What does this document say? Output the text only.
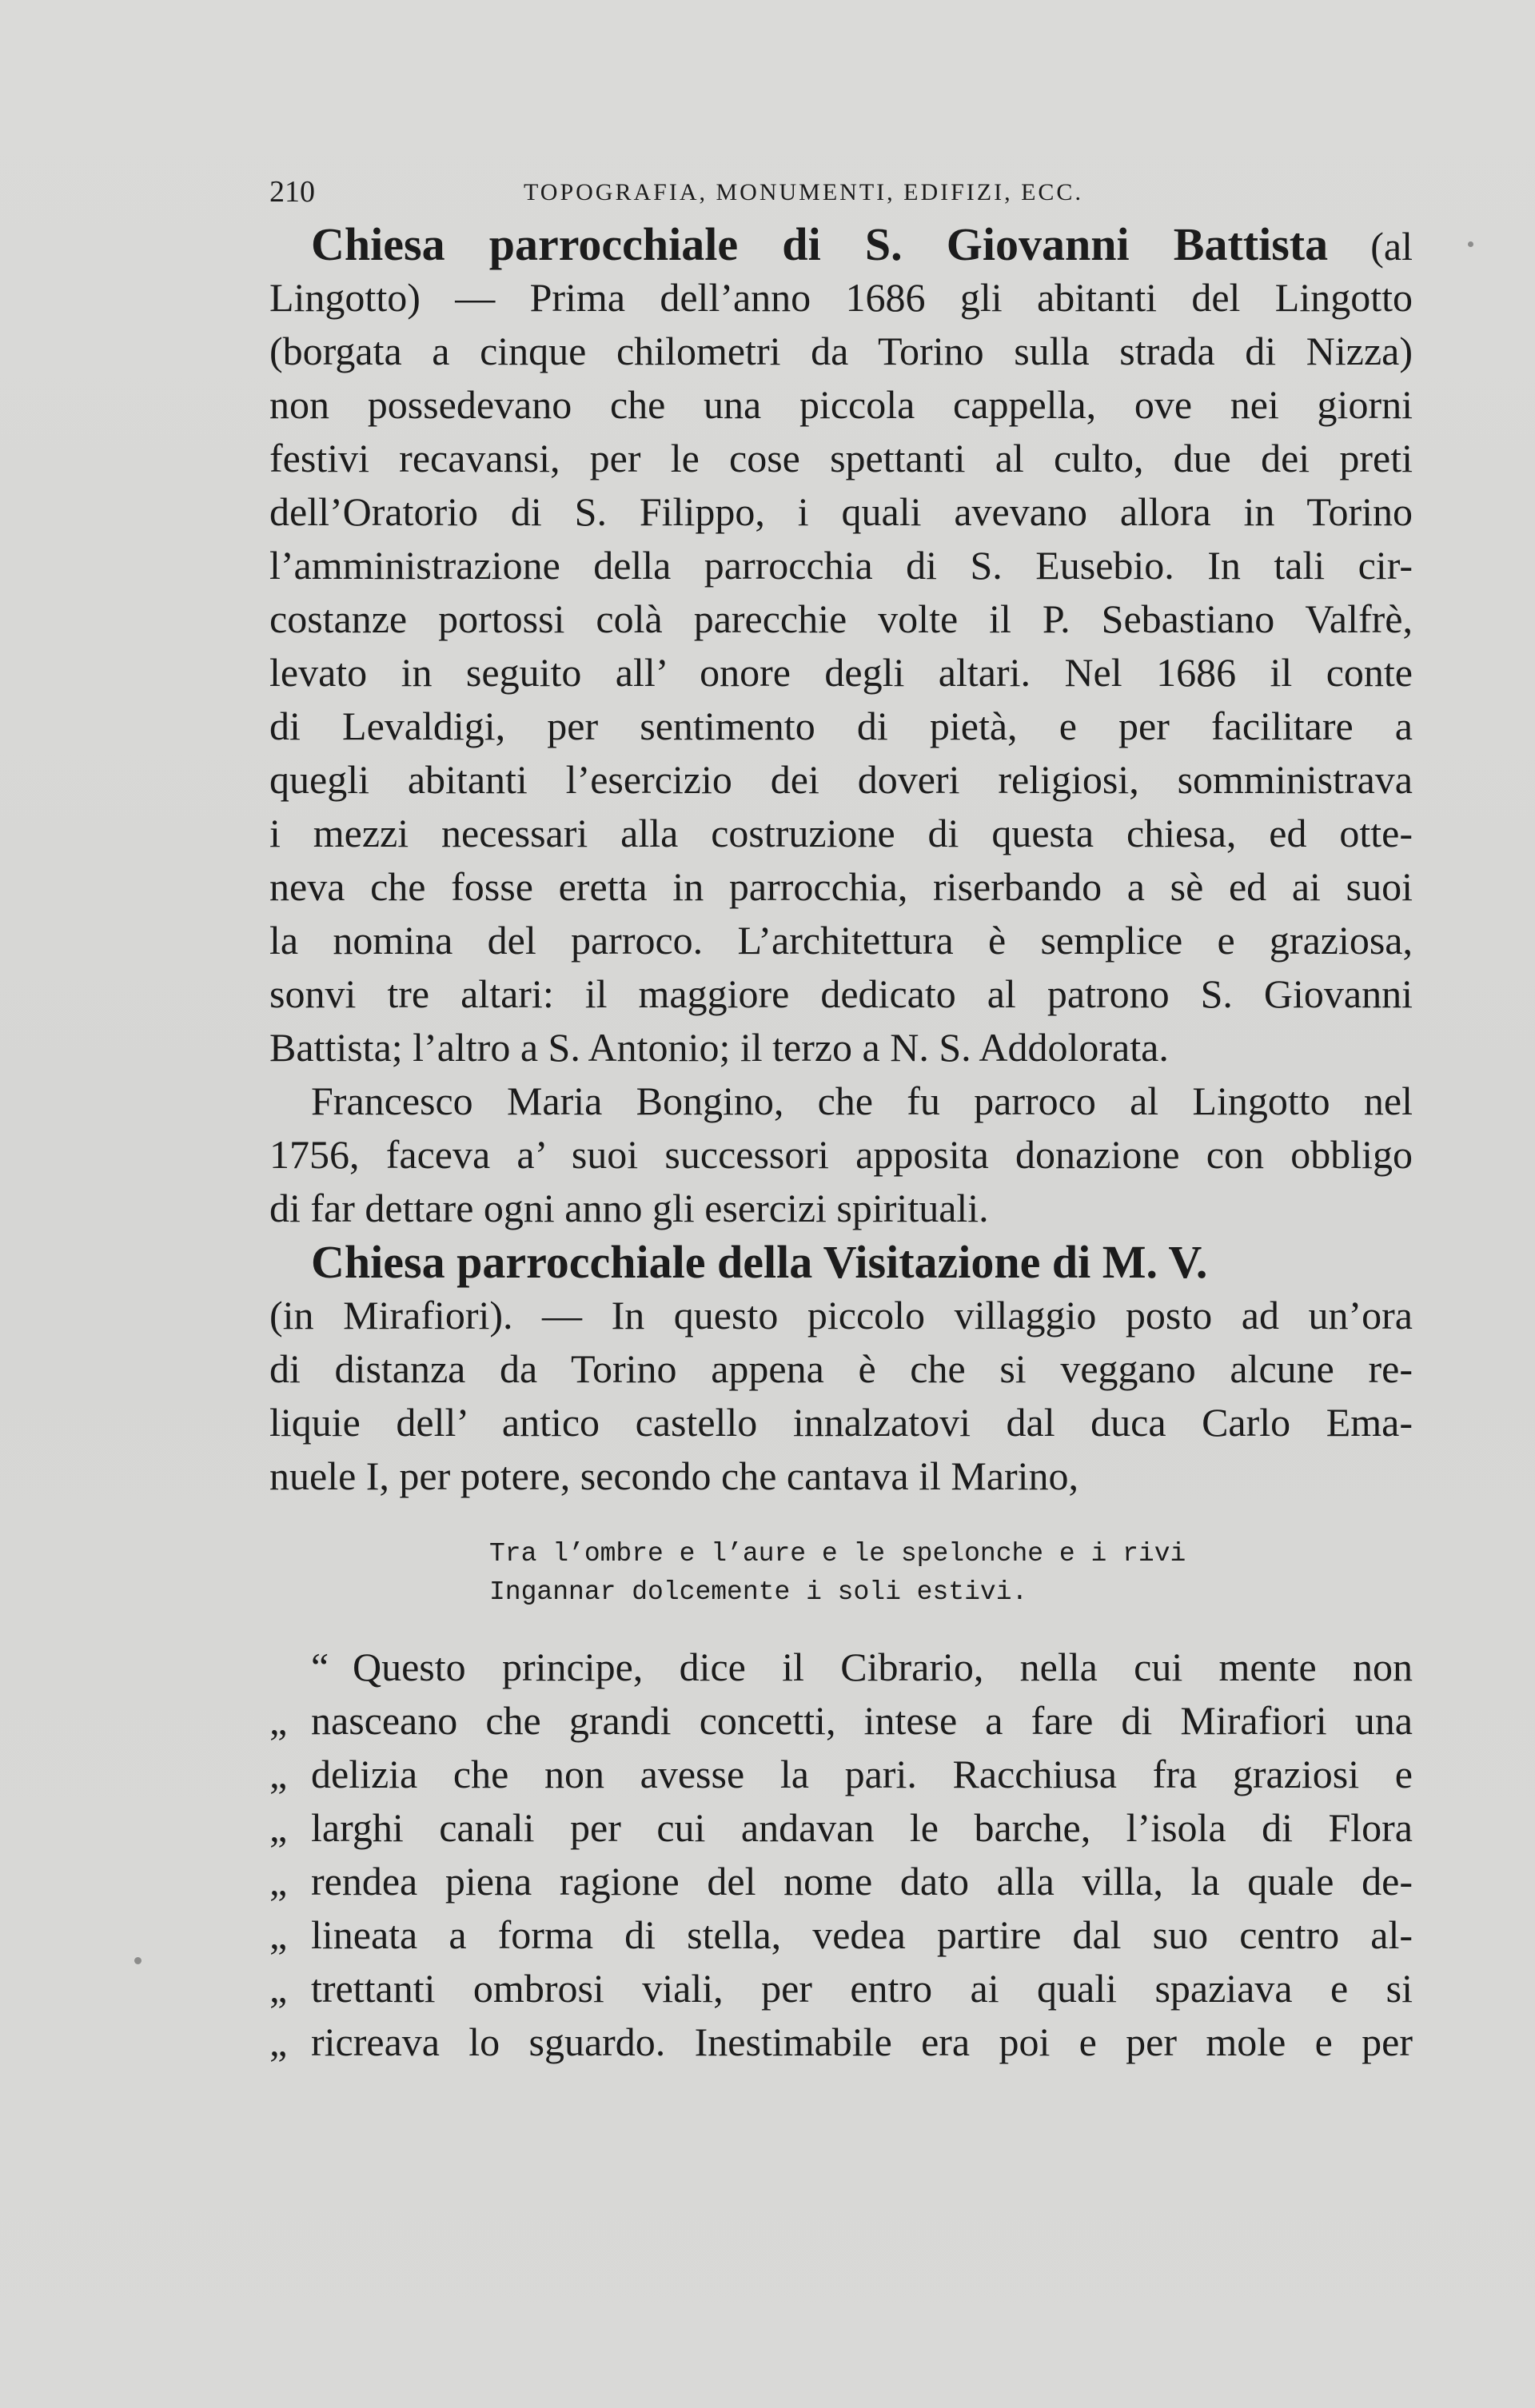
210	TOPOGRAFIA, MONUMENTI, EDIFIZI, ECC.
Chiesa parrocchiale di S. Giovanni Battista (al
Lingotto) — Prima dell’anno 1686 gli abitanti del Lingotto
(borgata a cinque chilometri da Torino sulla strada di Nizza)
non possedevano che una piccola cappella, ove nei giorni
festivi recavansi, per le cose spettanti al culto, due dei preti
dell’Oratorio di S. Filippo, i quali avevano allora in Torino
l’amministrazione della parrocchia di S. Eusebio. In tali cir-
costanze portossi colà parecchie volte il P. Sebastiano Valfrè,
levato in seguito all’ onore degli altari. Nel 1686 il conte
di Levaldigi, per sentimento di pietà, e per facilitare a
quegli abitanti l’esercizio dei doveri religiosi, somministrava
i mezzi necessari alla costruzione di questa chiesa, ed otte-
neva che fosse eretta in parrocchia, riserbando a sè ed ai suoi
la nomina del parroco. L’architettura è semplice e graziosa,
sonvi tre altari: il maggiore dedicato al patrono S. Giovanni
Battista; l’altro a S. Antonio; il terzo a N. S. Addolorata.
Francesco Maria Bongino, che fu parroco al Lingotto nel
1756, faceva a’ suoi successori apposita donazione con obbligo
di far dettare ogni anno gli esercizi spirituali.
Chiesa parrocchiale della Visitazione di M. V.
(in Mirafiori). — In questo piccolo villaggio posto ad un’ora
di distanza da Torino appena è che si veggano alcune re-
liquie dell’ antico castello innalzatovi dal duca Carlo Ema-
nuele I, per potere, secondo che cantava il Marino,
Tra l’ombre e l’aure e le spelonche e i rivi
Ingannar dolcemente i soli estivi.
“ Questo principe, dice il Cibrario, nella cui mente non
„ nasceano che grandi concetti, intese a fare di Mirafiori una
„ delizia che non avesse la pari. Racchiusa fra graziosi e
„ larghi canali per cui andavan le barche, l’isola di Flora
„ rendea piena ragione del nome dato alla villa, la quale de-
„ lineata a forma di stella, vedea partire dal suo centro al-
„ trettanti ombrosi viali, per entro ai quali spaziava e si
„ ricreava lo sguardo. Inestimabile era poi e per mole e per
